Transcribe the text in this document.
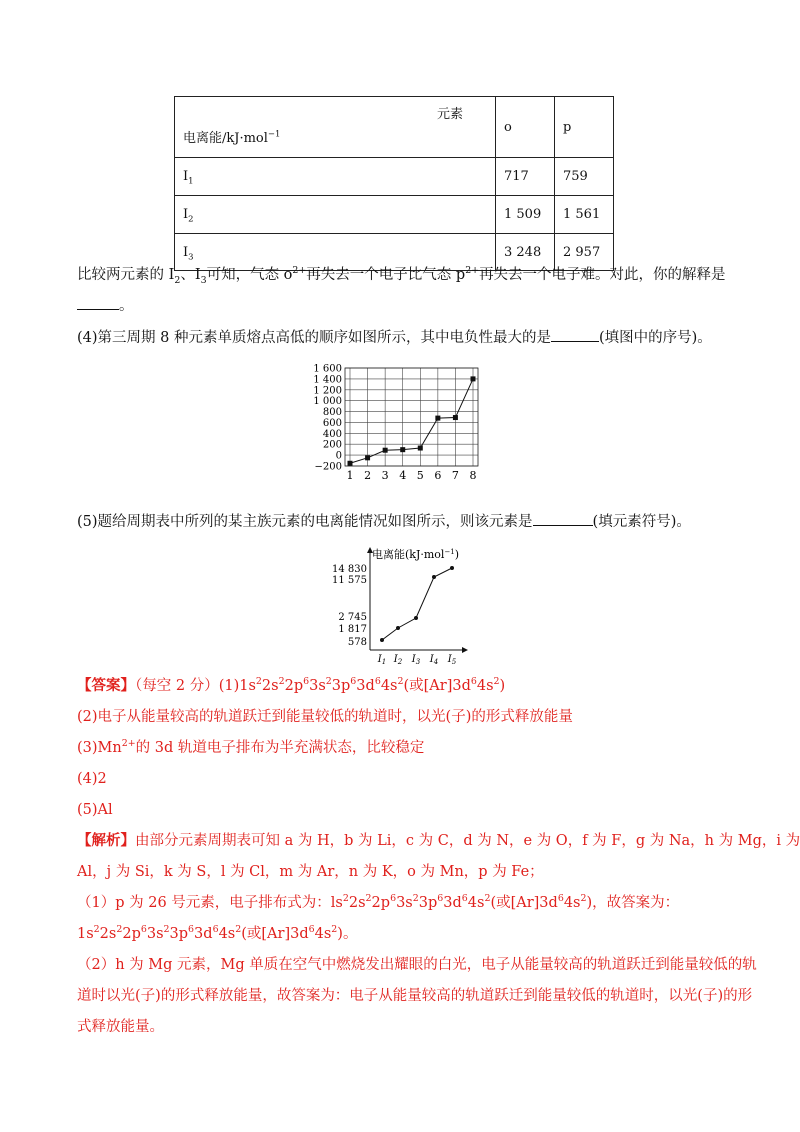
元素
电离能/kJ·mol$^{-1}$	o	p
$I_1$	717	759
$I_2$	1 509	1 561
$I_3$	3 248	2 957
比较两元素的 $I_2$、$I_3$可知，气态 $o^{2+}$再失去一个电子比气态 $p^{2+}$再失去一个电子难。对此，你的解释是
。
(4)第三周期 8 种元素单质熔点高低的顺序如图所示，其中电负性最大的是	(填图中的序号)。
1 600
1 400
1 200
1 000
800
600
400
200
0
−200
1 2 3 4 5 6 7 8
(5)题给周期表中所列的某主族元素的电离能情况如图所示，则该元素是	(填元素符号)。
电离能(kJ·mol$^{-1}$)
14 830
11 575
2 745
1 817
578
$I_1$ $I_2$ $I_3$ $I_4$ $I_5$
【答案】（每空 2 分）$(1)1s^22s^22p^63s^23p^63d^64s^2$(或$[Ar]3d^64s^2$)
(2)电子从能量较高的轨道跃迁到能量较低的轨道时，以光(子)的形式释放能量
$(3)Mn^{2+}$的 3d 轨道电子排布为半充满状态，比较稳定
(4)2
(5)Al
【解析】由部分元素周期表可知 a 为 H，b 为 Li，c 为 C，d 为 N，e 为 O，f 为 F，g 为 Na，h 为 Mg，i 为
Al，j 为 Si，k 为 S，l 为 Cl，m 为 Ar，n 为 K，o 为 Mn，p 为 Fe；
（1）p 为 26 号元素，电子排布式为：$ls^22s^22p^63s^23p^63d^64s^2$(或$[Ar]3d^64s^2$)，故答案为：
$1s^22s^22p^63s^23p^63d^64s^2$(或$[Ar]3d^64s^2$)。
（2）h 为 Mg 元素，Mg 单质在空气中燃烧发出耀眼的白光，电子从能量较高的轨道跃迁到能量较低的轨
道时以光(子)的形式释放能量，故答案为：电子从能量较高的轨道跃迁到能量较低的轨道时，以光(子)的形
式释放能量。
